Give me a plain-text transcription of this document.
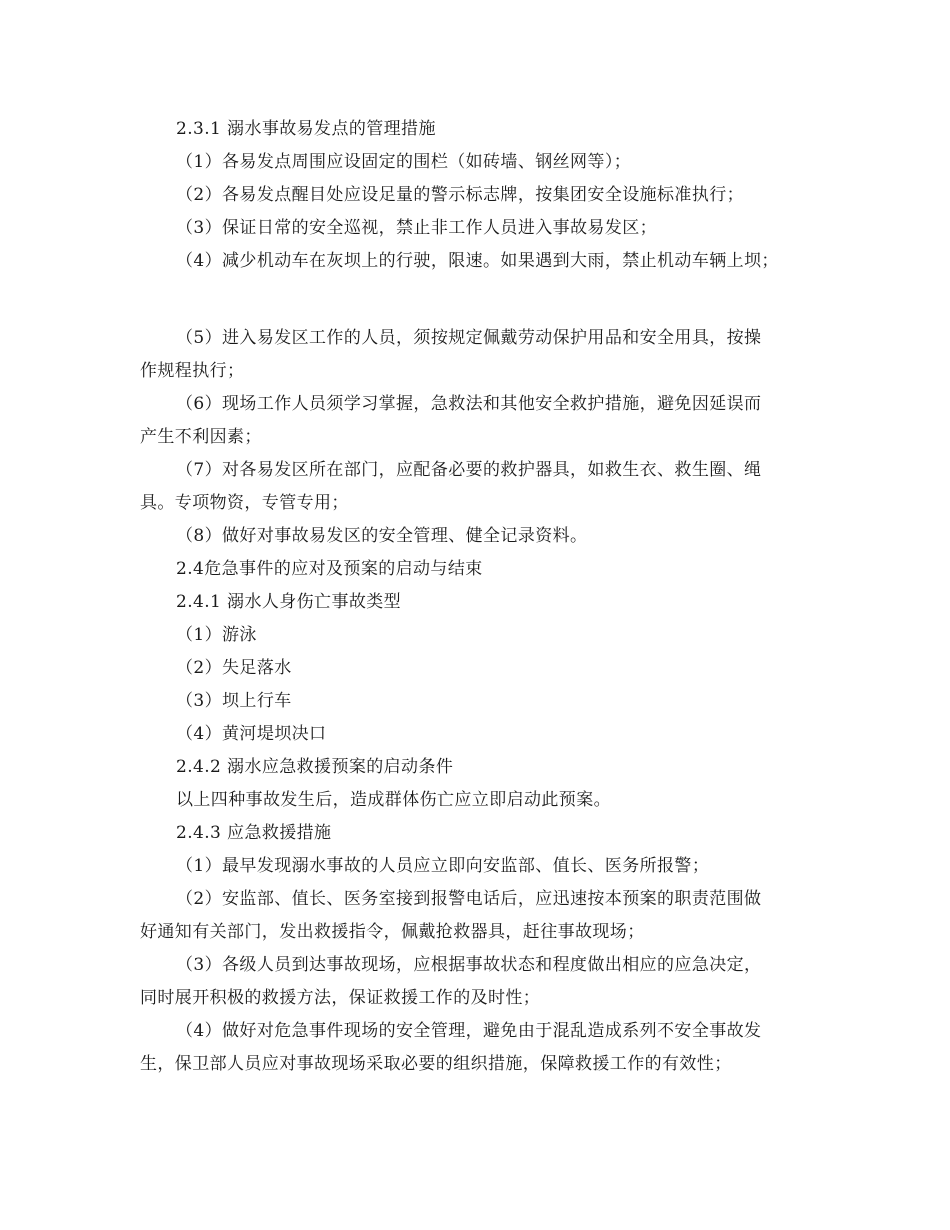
2.3.1 溺水事故易发点的管理措施
（1）各易发点周围应设固定的围栏（如砖墙、钢丝网等）；
（2）各易发点醒目处应设足量的警示标志牌，按集团安全设施标准执行；
（3）保证日常的安全巡视，禁止非工作人员进入事故易发区；
（4）减少机动车在灰坝上的行驶，限速。如果遇到大雨，禁止机动车辆上坝；
（5）进入易发区工作的人员，须按规定佩戴劳动保护用品和安全用具，按操
作规程执行；
（6）现场工作人员须学习掌握，急救法和其他安全救护措施，避免因延误而
产生不利因素；
（7）对各易发区所在部门，应配备必要的救护器具，如救生衣、救生圈、绳
具。专项物资，专管专用；
（8）做好对事故易发区的安全管理、健全记录资料。
2.4危急事件的应对及预案的启动与结束
2.4.1 溺水人身伤亡事故类型
（1）游泳
（2）失足落水
（3）坝上行车
（4）黄河堤坝决口
2.4.2 溺水应急救援预案的启动条件
以上四种事故发生后，造成群体伤亡应立即启动此预案。
2.4.3 应急救援措施
（1）最早发现溺水事故的人员应立即向安监部、值长、医务所报警；
（2）安监部、值长、医务室接到报警电话后，应迅速按本预案的职责范围做
好通知有关部门，发出救援指令，佩戴抢救器具，赶往事故现场；
（3）各级人员到达事故现场，应根据事故状态和程度做出相应的应急决定，
同时展开积极的救援方法，保证救援工作的及时性；
（4）做好对危急事件现场的安全管理，避免由于混乱造成系列不安全事故发
生，保卫部人员应对事故现场采取必要的组织措施，保障救援工作的有效性；
